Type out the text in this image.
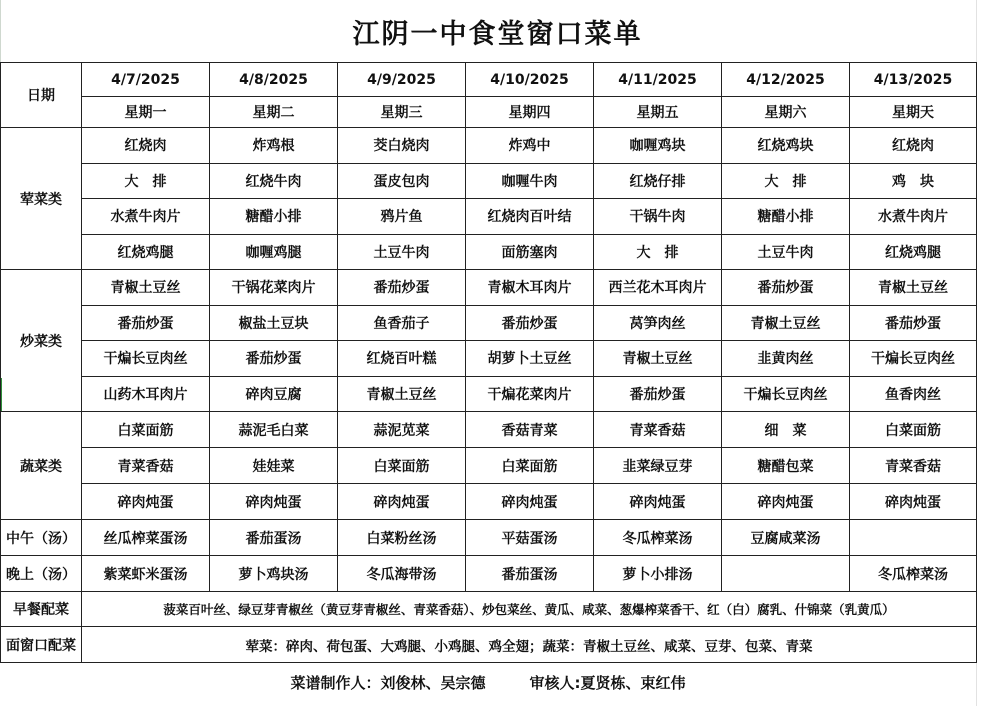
江阴一中食堂窗口菜单
日期	4/7/2025	4/8/2025	4/9/2025	4/10/2025	4/11/2025	4/12/2025	4/13/2025
	星期一	星期二	星期三	星期四	星期五	星期六	星期天
荤菜类	红烧肉	炸鸡根	茭白烧肉	炸鸡中	咖喱鸡块	红烧鸡块	红烧肉
	大　排	红烧牛肉	蛋皮包肉	咖喱牛肉	红烧仔排	大　排	鸡　块
	水煮牛肉片	糖醋小排	鸦片鱼	红烧肉百叶结	干锅牛肉	糖醋小排	水煮牛肉片
	红烧鸡腿	咖喱鸡腿	土豆牛肉	面筋塞肉	大　排	土豆牛肉	红烧鸡腿
炒菜类	青椒土豆丝	干锅花菜肉片	番茄炒蛋	青椒木耳肉片	西兰花木耳肉片	番茄炒蛋	青椒土豆丝
	番茄炒蛋	椒盐土豆块	鱼香茄子	番茄炒蛋	莴笋肉丝	青椒土豆丝	番茄炒蛋
	干煸长豆肉丝	番茄炒蛋	红烧百叶糕	胡萝卜土豆丝	青椒土豆丝	韭黄肉丝	干煸长豆肉丝
	山药木耳肉片	碎肉豆腐	青椒土豆丝	干煸花菜肉片	番茄炒蛋	干煸长豆肉丝	鱼香肉丝
蔬菜类	白菜面筋	蒜泥毛白菜	蒜泥苋菜	香菇青菜	青菜香菇	细　菜	白菜面筋
	青菜香菇	娃娃菜	白菜面筋	白菜面筋	韭菜绿豆芽	糖醋包菜	青菜香菇
	碎肉炖蛋	碎肉炖蛋	碎肉炖蛋	碎肉炖蛋	碎肉炖蛋	碎肉炖蛋	碎肉炖蛋
中午（汤）	丝瓜榨菜蛋汤	番茄蛋汤	白菜粉丝汤	平菇蛋汤	冬瓜榨菜汤	豆腐咸菜汤	
晚上（汤）	紫菜虾米蛋汤	萝卜鸡块汤	冬瓜海带汤	番茄蛋汤	萝卜小排汤		冬瓜榨菜汤
早餐配菜	菠菜百叶丝、绿豆芽青椒丝（黄豆芽青椒丝、青菜香菇）、炒包菜丝、黄瓜、咸菜、葱爆榨菜香干、红（白）腐乳、什锦菜（乳黄瓜）						
面窗口配菜	荤菜：碎肉、荷包蛋、大鸡腿、小鸡腿、鸡全翅；蔬菜：青椒土豆丝、咸菜、豆芽、包菜、青菜						
菜谱制作人：刘俊林、吴宗德	审核人:夏贤栋、束红伟
